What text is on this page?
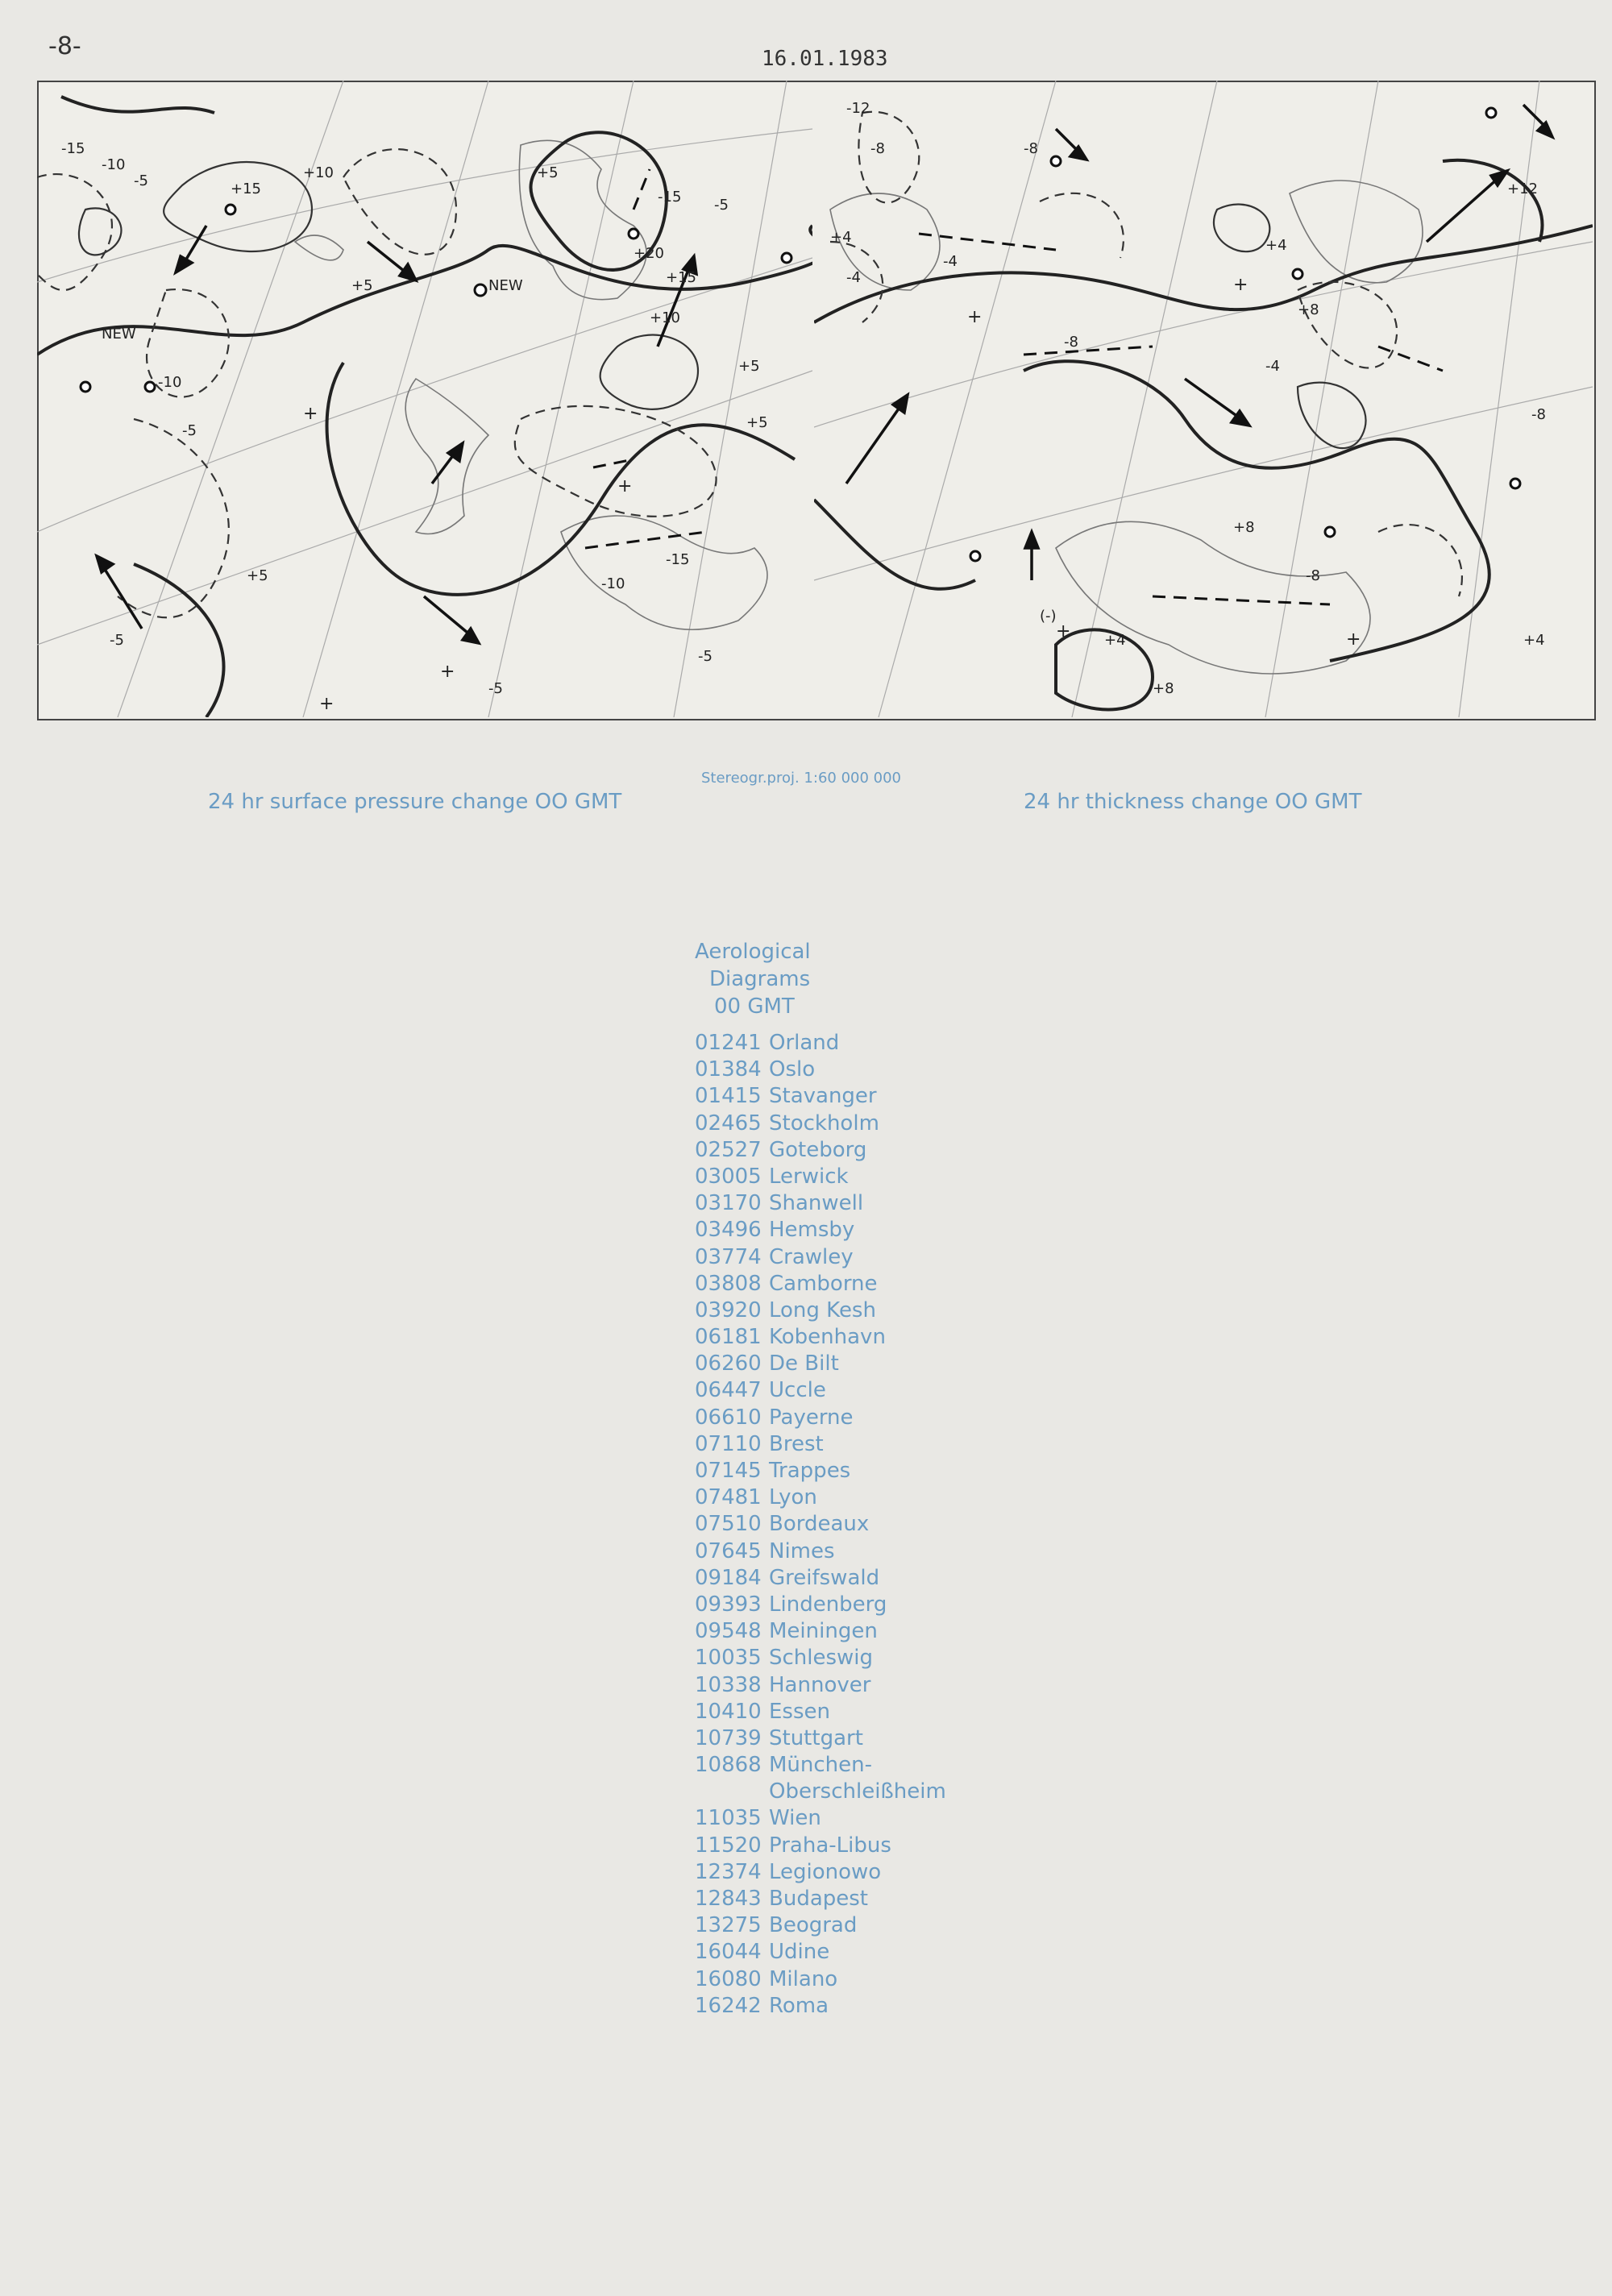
-8-	16.01.1983
-15
-10
-5	+15
+10
+5	NEW
NEW
-10
-5
+5
+20
+15
+10
+5
-15
-10
-5
-5
-5
+5
-15 -5
+5
+
+
+
+
-12
-8
+4
-4
-8
-4
-8
+4
+8
-4
+8
-8
(-)
+4
+8
+12
-8
+4
+
+
+	+
24 hr surface pressure change OO GMT
Stereogr.proj. 1:60 000 000
24 hr thickness change OO GMT
Aerological
Diagrams
00 GMT
01241 Orland
01384 Oslo
01415 Stavanger
02465 Stockholm
02527 Goteborg
03005 Lerwick
03170 Shanwell
03496 Hemsby
03774 Crawley
03808 Camborne
03920 Long Kesh
06181 Kobenhavn
06260 De Bilt
06447 Uccle
06610 Payerne
07110 Brest
07145 Trappes
07481 Lyon
07510 Bordeaux
07645 Nimes
09184 Greifswald
09393 Lindenberg
09548 Meiningen
10035 Schleswig
10338 Hannover
10410 Essen
10739 Stuttgart
10868 München-
Oberschleißheim
11035 Wien
11520 Praha-Libus
12374 Legionowo
12843 Budapest
13275 Beograd
16044 Udine
16080 Milano
16242 Roma
